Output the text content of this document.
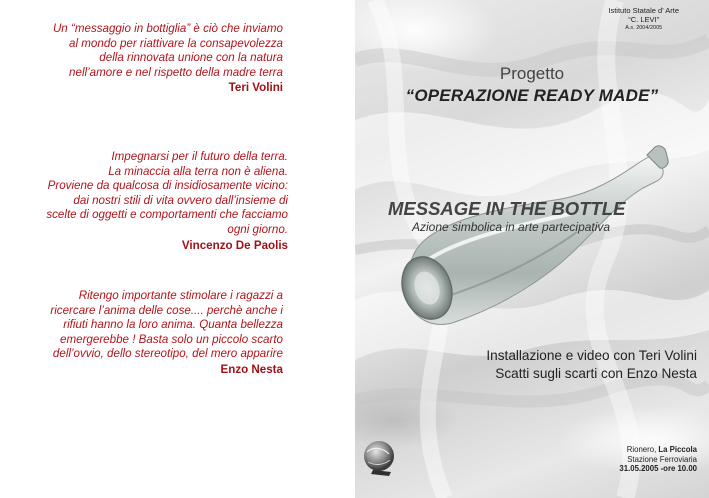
Un “messaggio in bottiglia” è ciò che inviamo
al mondo per riattivare la consapevolezza
della rinnovata unione con la natura
nell’amore e nel rispetto della madre terra
Teri Volini
Impegnarsi per il futuro della terra.
La minaccia alla terra non è aliena.
Proviene da qualcosa di insidiosamente vicino:
dai nostri stili di vita ovvero dall’insieme di
scelte di oggetti e comportamenti che facciamo
ogni giorno.
Vincenzo De Paolis
Ritengo importante stimolare i ragazzi a
ricercare l’anima delle cose.... perchè anche i
rifiuti hanno la loro anima. Quanta bellezza
emergerebbe ! Basta solo un piccolo scarto
dell’ovvio, dello stereotipo, del mero apparire
Enzo Nesta
Istituto Statale d’ Arte
“C. LEVI”
A.s. 2004/2005
Progetto
“OPERAZIONE READY MADE”
MESSAGE IN THE BOTTLE
Azione simbolica in arte partecipativa
Installazione e video con Teri Volini
Scatti sugli scarti con Enzo Nesta
Rionero, La Piccola
Stazione Ferroviaria
31.05.2005 -ore 10.00
